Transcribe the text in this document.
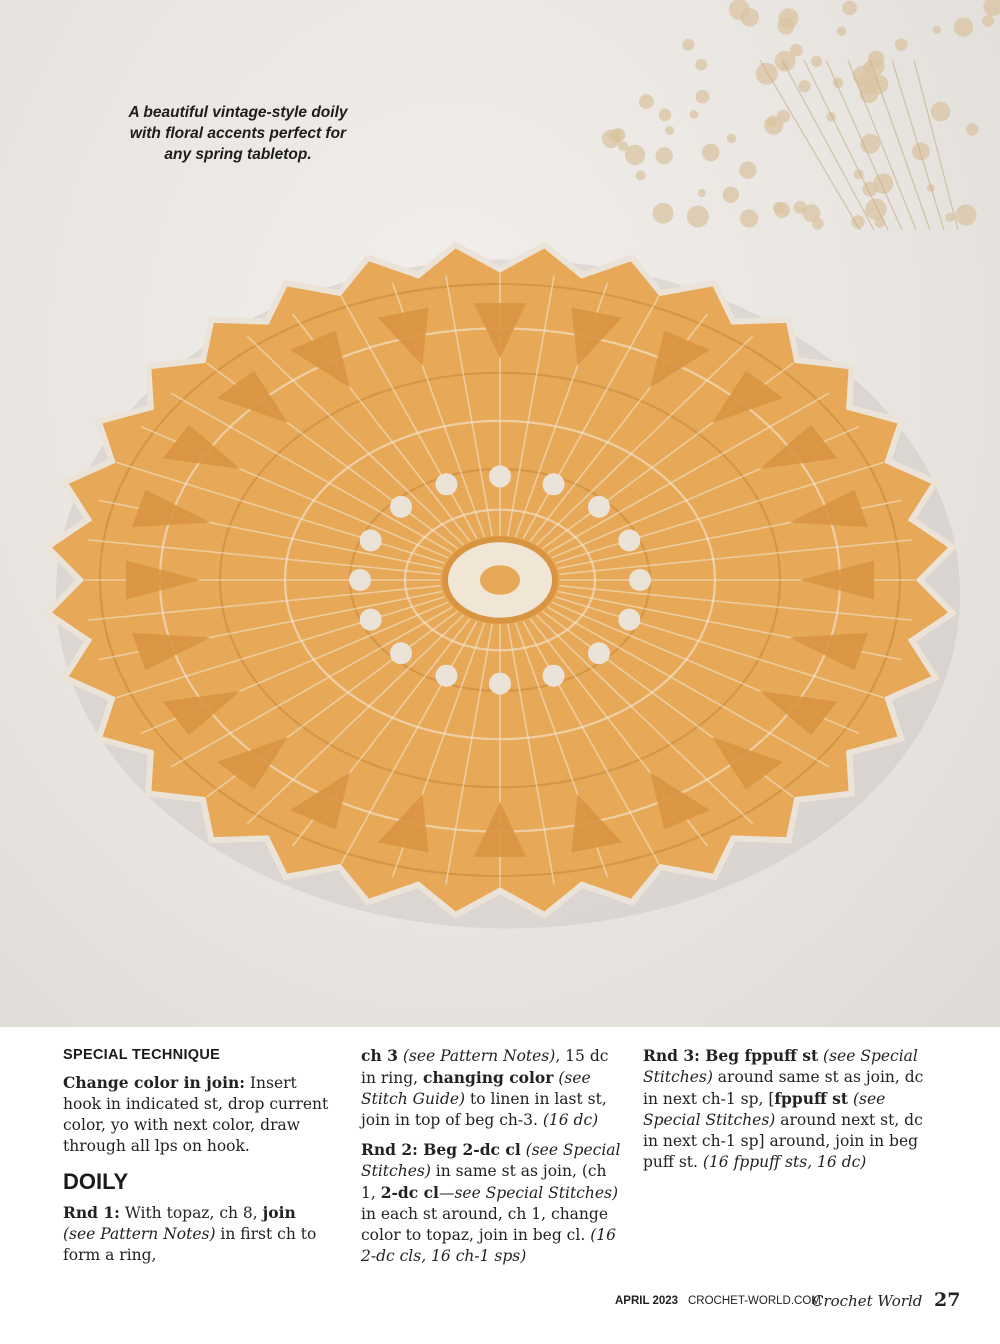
A beautiful vintage-style doily with floral accents perfect for any spring tabletop.
SPECIAL TECHNIQUE

Change color in join: Insert hook in indicated st, drop current color, yo with next color, draw through all lps on hook.

DOILY

Rnd 1: With topaz, ch 8, join (see Pattern Notes) in first ch to form a ring,

ch 3 (see Pattern Notes), 15 dc in ring, changing color (see Stitch Guide) to linen in last st, join in top of beg ch-3. (16 dc)

Rnd 2: Beg 2-dc cl (see Special Stitches) in same st as join, (ch 1, 2-dc cl—see Special Stitches) in each st around, ch 1, change color to topaz, join in beg cl. (16 2-dc cls, 16 ch-1 sps)

Rnd 3: Beg fppuff st (see Special Stitches) around same st as join, dc in next ch-1 sp, [fppuff st (see Special Stitches) around next st, dc in next ch-1 sp] around, join in beg puff st. (16 fppuff sts, 16 dc)

APRIL 2023 CROCHET-WORLD.COM
Crochet World 27
